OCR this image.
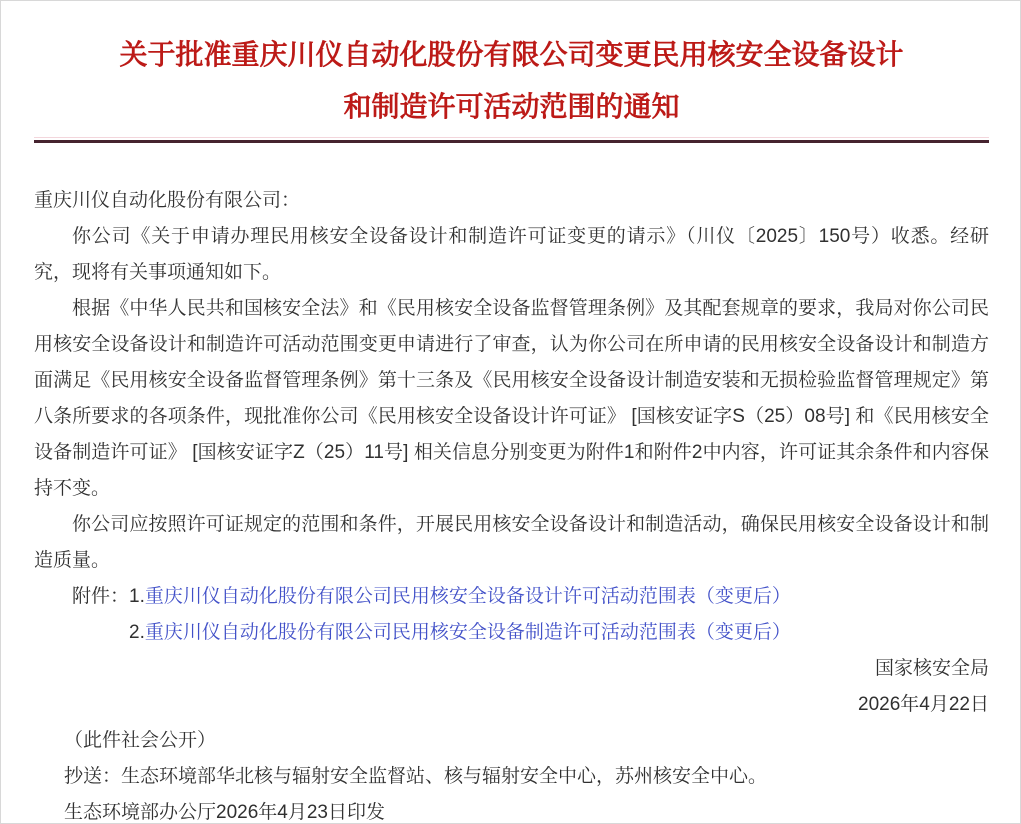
关于批准重庆川仪自动化股份有限公司变更民用核安全设备设计
和制造许可活动范围的通知

重庆川仪自动化股份有限公司：

你公司《关于申请办理民用核安全设备设计和制造许可证变更的请示》（川仪〔2025〕150号）收悉。经研究，现将有关事项通知如下。

根据《中华人民共和国核安全法》和《民用核安全设备监督管理条例》及其配套规章的要求，我局对你公司民用核安全设备设计和制造许可活动范围变更申请进行了审查，认为你公司在所申请的民用核安全设备设计和制造方面满足《民用核安全设备监督管理条例》第十三条及《民用核安全设备设计制造安装和无损检验监督管理规定》第八条所要求的各项条件，现批准你公司《民用核安全设备设计许可证》 [国核安证字S（25）08号] 和《民用核安全设备制造许可证》 [国核安证字Z（25）11号] 相关信息分别变更为附件1和附件2中内容，许可证其余条件和内容保持不变。

你公司应按照许可证规定的范围和条件，开展民用核安全设备设计和制造活动，确保民用核安全设备设计和制造质量。

附件： 1.重庆川仪自动化股份有限公司民用核安全设备设计许可活动范围表（变更后）
2.重庆川仪自动化股份有限公司民用核安全设备制造许可活动范围表（变更后）

国家核安全局

2026年4月22日

（此件社会公开）

抄送：生态环境部华北核与辐射安全监督站、核与辐射安全中心，苏州核安全中心。

生态环境部办公厅2026年4月23日印发
